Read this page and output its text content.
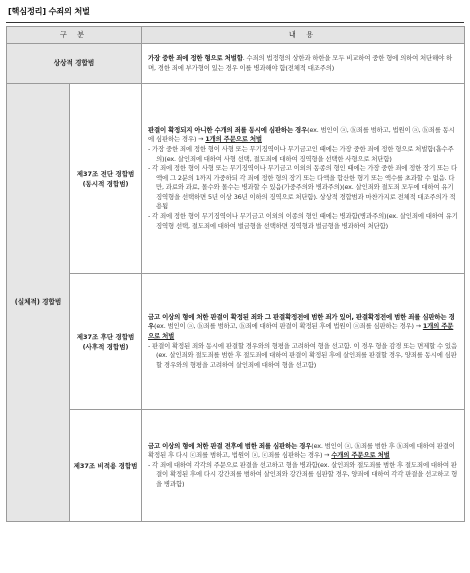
[핵심정리] 수죄의 처벌
구 분		내 용
상상적 경합범		가장 중한 죄에 정한 형으로 처벌함. 수죄의 법정형의 상한과 하한을 모두 비교하여 중한 형에 의하여 처단해야 하며, 경한 죄에 부가형이 있는 경우 이를 병과해야 함(전체적 대조주의)
(실체적) 경합범	제37조 전단 경합범 (동시적 경합범)	판결이 확정되지 아니한 수개의 죄를 동시에 심판하는 경우(ex. 범인이 ⓐ, ⓑ죄를 범하고, 법원이 ⓐ, ⓑ죄를 동시에 심판하는 경우) → 1개의 주문으로 처벌
- 가장 중한 죄에 정한 형이 사형 또는 무기징역이나 무기금고인 때에는 가장 중한 죄에 정한 형으로 처벌함(흡수주의)(ex. 살인죄에 대하여 사형 선택, 절도죄에 대하여 징역형을 선택한 사형으로 처단함)
- 각 죄에 정한 형이 사형 또는 무기징역이나 무기금고 이외의 동종의 형인 때에는 가장 중한 죄에 정한 장기 또는 다액에 그 2분의 1까지 가중하되 각 죄에 정한 형의 장기 또는 다액을 합산한 형기 또는 액수를 초과할 수 없음. 다만, 과료와 과료, 몰수와 몰수는 병과할 수 있음(가중주의와 병과주의)(ex. 살인죄와 절도죄 모두에 대하여 유기징역형을 선택하면 5년 이상 36년 이하의 징역으로 처단함). 상상적 경합범과 마찬가지로 전체적 대조주의가 적용됨
- 각 죄에 정한 형이 무기징역이나 무기금고 이외의 이종의 형인 때에는 병과함(병과주의)(ex. 살인죄에 대하여 유기징역형 선택, 절도죄에 대하여 벌금형을 선택하면 징역형과 벌금형을 병과하여 처단함)

	제37조 후단 경합범 (사후적 경합범)	금고 이상의 형에 처한 판결이 확정된 죄와 그 판결확정전에 범한 죄가 있어, 판결확정전에 범한 죄를 심판하는 경우(ex. 범인이 ⓐ, ⓑ죄를 범하고, ⓑ죄에 대하여 판결이 확정된 후에 법원이 ⓐ죄를 심판하는 경우) → 1개의 주문으로 처벌
- 판결이 확정된 죄와 동시에 판결할 경우와의 형평을 고려하여 형을 선고함. 이 경우 형을 감경 또는 면제할 수 있음(ex. 살인죄와 절도죄를 범한 후 절도죄에 대하여 판결이 확정된 후에 살인죄를 판결할 경우, 양죄를 동시에 심판할 경우와의 형평을 고려하여 살인죄에 대하여 형을 선고함)

	제37조 비적용 경합범	금고 이상의 형에 처한 판결 전후에 범한 죄를 심판하는 경우(ex. 범인이 ⓐ, ⓑ죄를 범한 후 ⓑ죄에 대하여 판결이 확정된 후 다시 ⓒ죄를 범하고, 법원이 ⓐ, ⓒ죄를 심판하는 경우) → 수개의 주문으로 처벌
- 각 죄에 대하여 각각의 주문으로 판결을 선고하고 형을 병과함(ex. 살인죄와 절도죄를 범한 후 절도죄에 대하여 판결이 확정된 후에 다시 강간죄를 범하여 살인죄와 강간죄를 심판할 경우, 양죄에 대하여 각각 판결을 선고하고 형을 병과함)
